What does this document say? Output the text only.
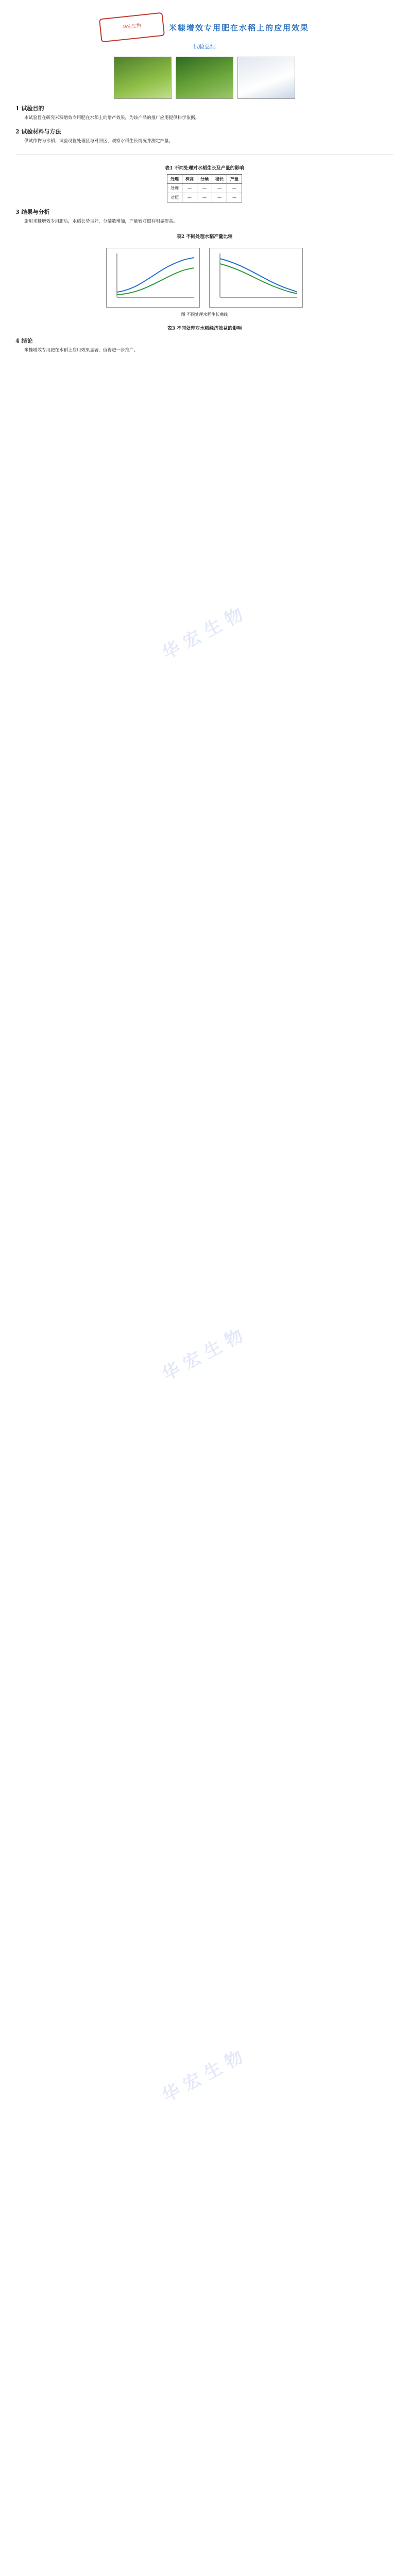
华宏生物	米糠增效专用肥在水稻上的应用效果
试验总结
1 试验目的
本试验旨在研究米糠增效专用肥在水稻上的增产效果，为该产品的推广应用提供科学依据。
2 试验材料与方法
供试作物为水稻，试验设置处理区与对照区，观察水稻生长情况并测定产量。
表1 不同处理对水稻生长及产量的影响
处理	株高	分蘖	穗长	产量
处理	—	—	—	—
对照	—	—	—	—
3 结果与分析
施用米糠增效专用肥后，水稻长势良好，分蘖数增加，产量较对照有明显提高。
表2 不同处理水稻产量比较

图 不同处理水稻生长曲线
表3 不同处理对水稻经济效益的影响
4 结论
米糠增效专用肥在水稻上应用效果显著，值得进一步推广。
华宏生物
华宏生物
华宏生物
